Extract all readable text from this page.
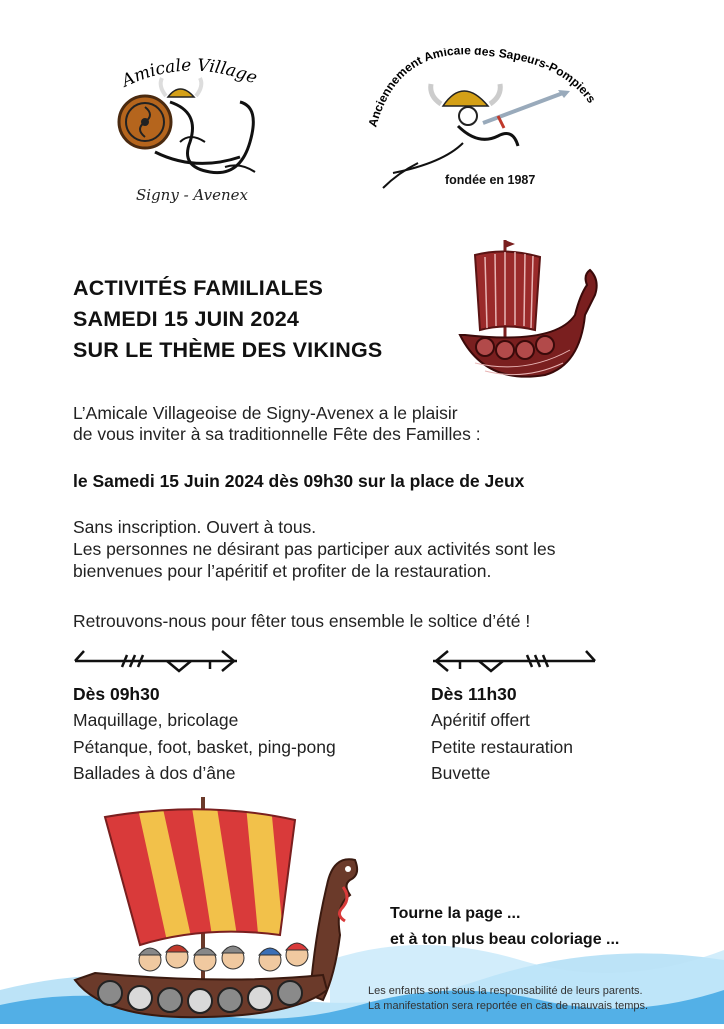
Amicale Village
Signy - Avenex
Anciennement Amicale des Sapeurs-Pompiers
fondée en 1987
ACTIVITÉS FAMILIALES
SAMEDI 15 JUIN 2024
SUR LE THÈME DES VIKINGS
L’Amicale Villageoise de Signy-Avenex a le plaisir
de vous inviter à sa traditionnelle Fête des Familles :
le Samedi 15 Juin 2024 dès 09h30 sur la place de Jeux
Sans inscription. Ouvert à tous.
Les personnes ne désirant pas participer aux activités sont les
bienvenues pour l’apéritif et profiter de la restauration.
Retrouvons-nous pour fêter tous ensemble le soltice d’été !
Dès 09h30
Maquillage, bricolage
Pétanque, foot, basket, ping-pong
Ballades à dos d’âne
Dès 11h30
Apéritif offert
Petite restauration
Buvette
Tourne la page ...
et à ton plus beau coloriage ...
Les enfants sont sous la responsabilité de leurs parents.
La manifestation sera reportée en cas de mauvais temps.
